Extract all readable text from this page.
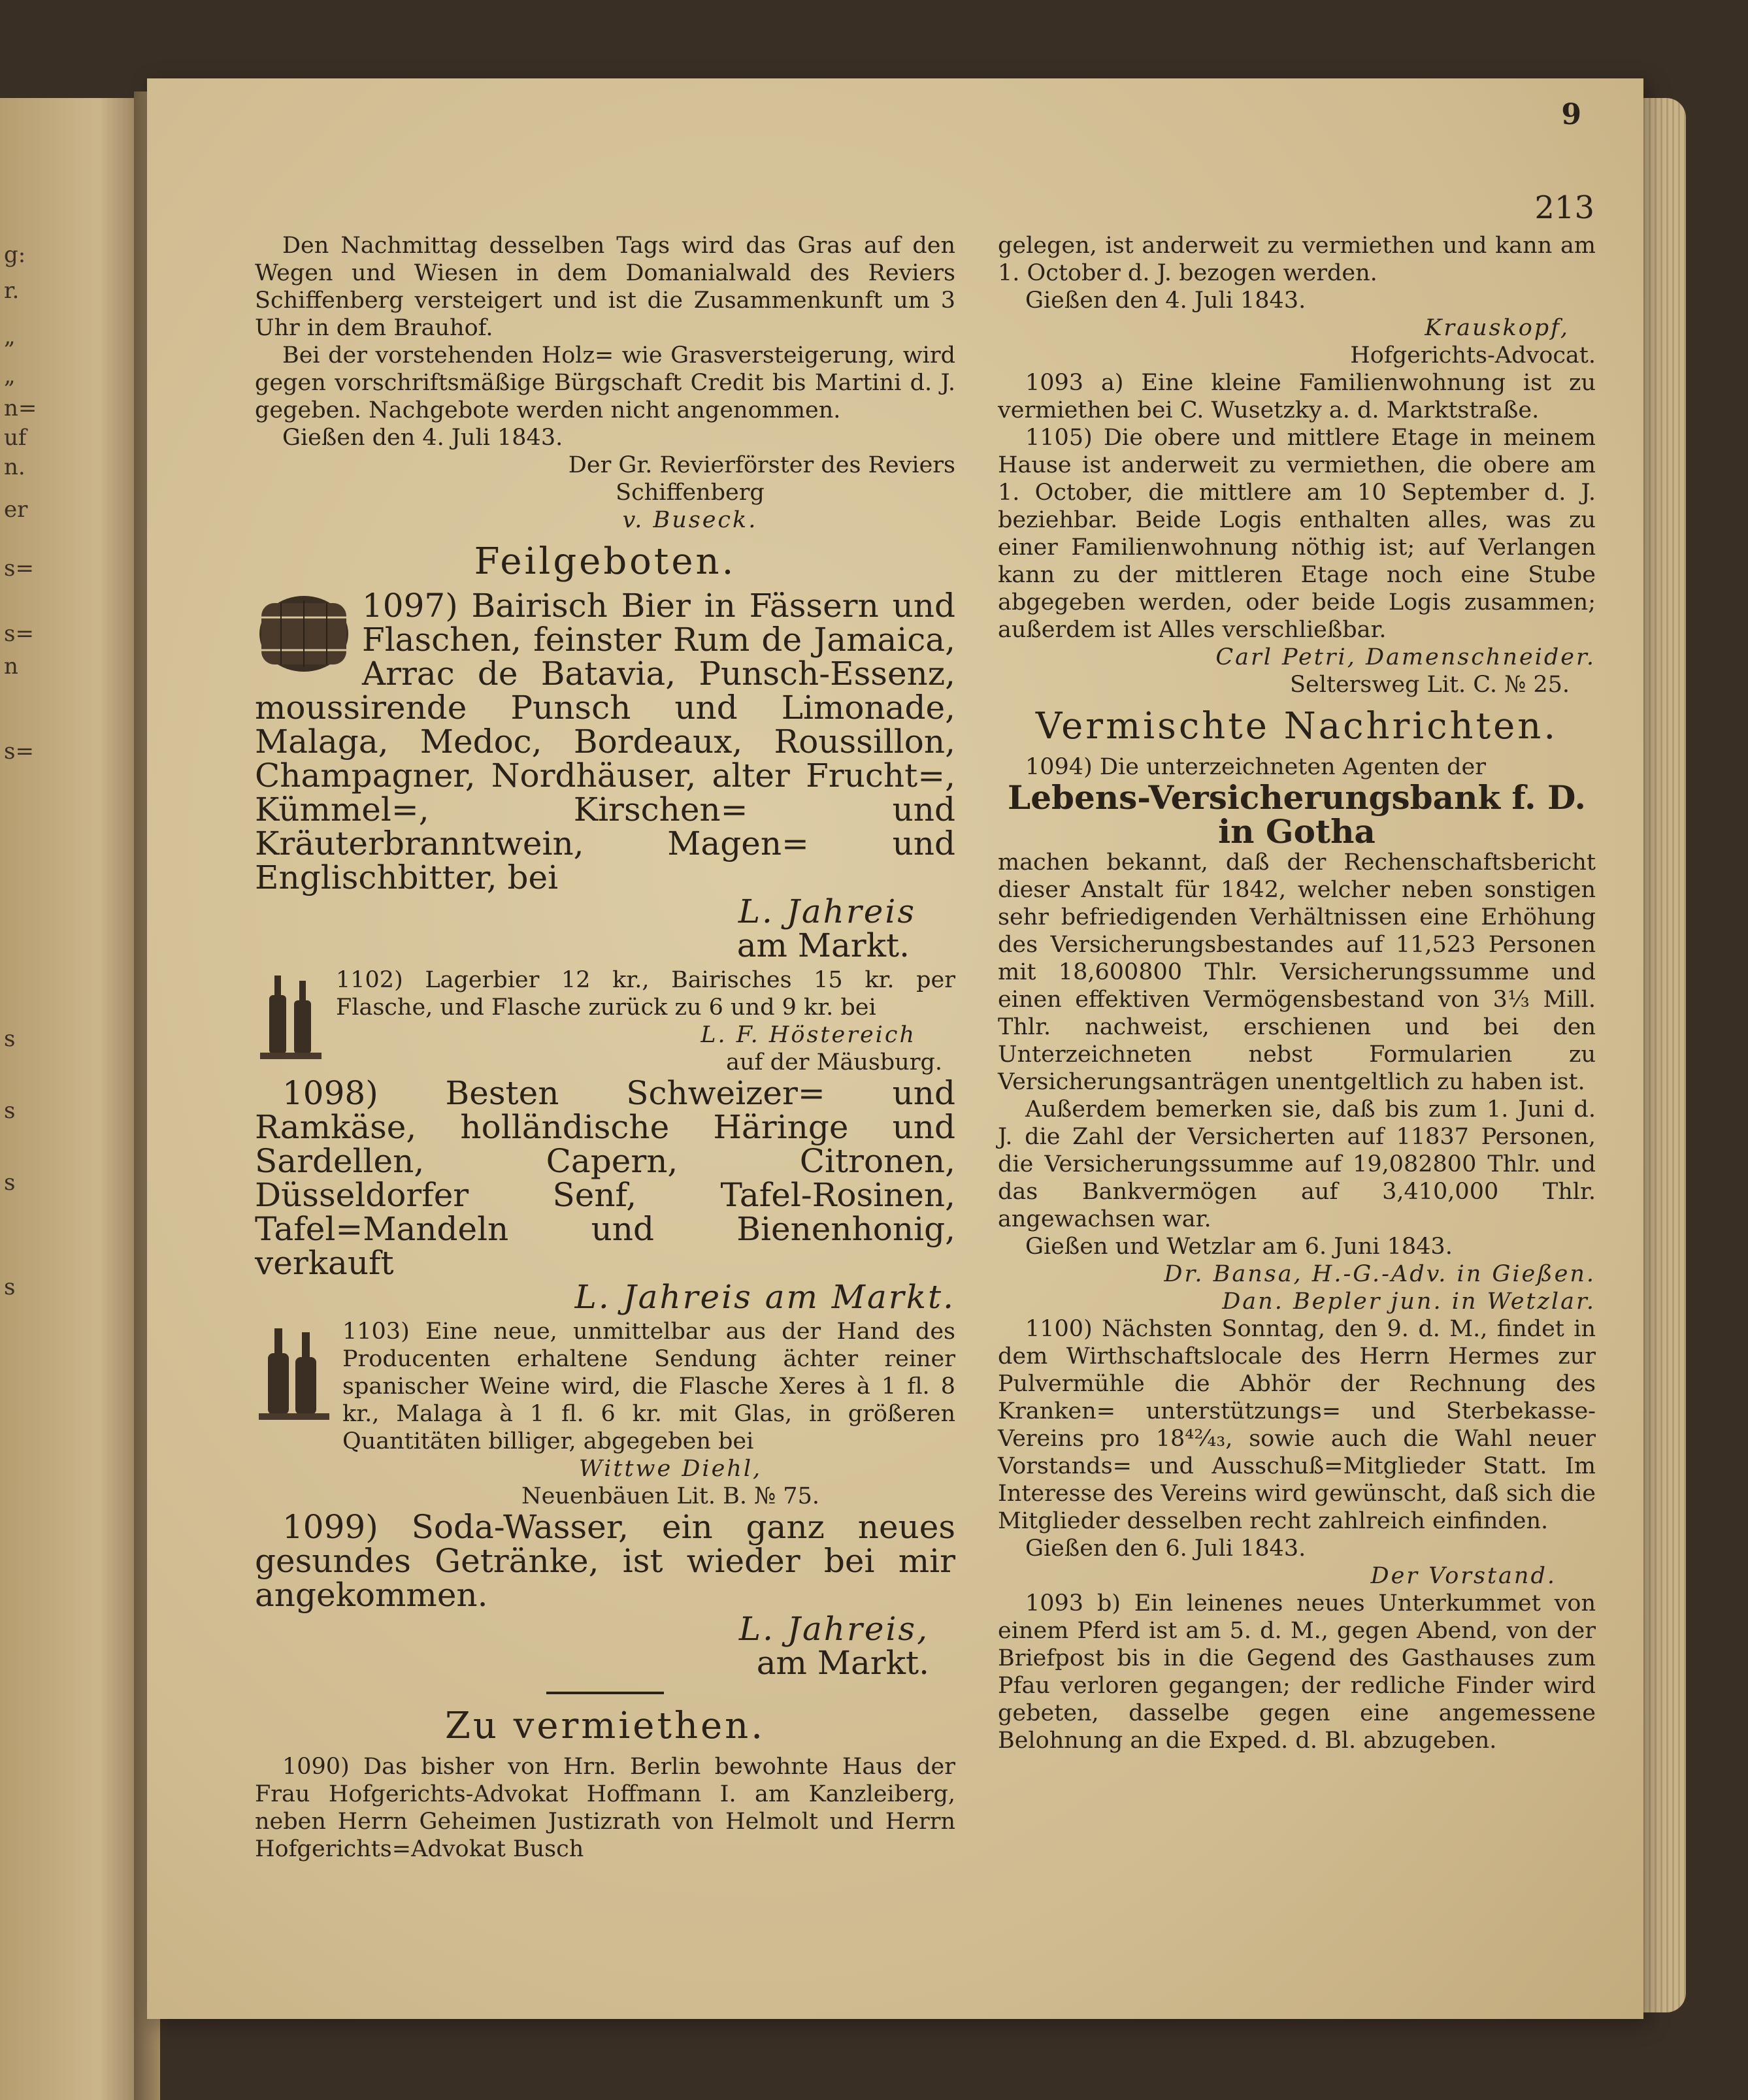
g:
r.
„
„
n=
uf
n.
er
s=
s=
n
s=
s
s
s
s
9
213

Den Nachmittag desselben Tags wird das Gras auf den Wegen und Wiesen in dem Domanialwald des Reviers Schiffenberg versteigert und ist die Zusammenkunft um 3 Uhr in dem Brauhof.

Bei der vorstehenden Holz= wie Grasversteigerung, wird gegen vorschriftsmäßige Bürgschaft Credit bis Martini d. J. gegeben. Nachgebote werden nicht angenommen.

Gießen den 4. Juli 1843.

Der Gr. Revierförster des Reviers

Schiffenberg

v. Buseck.

Feilgeboten.

1097) Bairisch Bier in Fässern und Flaschen, feinster Rum de Jamaica, Arrac de Batavia, Punsch-Essenz, moussirende Punsch und Limonade, Malaga, Medoc, Bordeaux, Roussillon, Champagner, Nordhäuser, alter Frucht=, Kümmel=, Kirschen= und Kräuterbranntwein, Magen= und Englischbitter, bei

L. Jahreis

am Markt.

1102) Lagerbier 12 kr., Bairisches 15 kr. per Flasche, und Flasche zurück zu 6 und 9 kr. bei

L. F. Höstereich

auf der Mäusburg.

1098) Besten Schweizer= und Ramkäse, holländische Häringe und Sardellen, Capern, Citronen, Düsseldorfer Senf, Tafel-Rosinen, Tafel=Mandeln und Bienenhonig, verkauft

L. Jahreis am Markt.

1103) Eine neue, unmittelbar aus der Hand des Producenten erhaltene Sendung ächter reiner spanischer Weine wird, die Flasche Xeres à 1 fl. 8 kr., Malaga à 1 fl. 6 kr. mit Glas, in größeren Quantitäten billiger, abgegeben bei

Wittwe Diehl,

Neuenbäuen Lit. B. № 75.

1099) Soda-Wasser, ein ganz neues gesundes Getränke, ist wieder bei mir angekommen.

L. Jahreis,

am Markt.

Zu vermiethen.

1090) Das bisher von Hrn. Berlin bewohnte Haus der Frau Hofgerichts-Advokat Hoffmann I. am Kanzleiberg, neben Herrn Geheimen Justizrath von Helmolt und Herrn Hofgerichts=Advokat Busch

gelegen, ist anderweit zu vermiethen und kann am 1. October d. J. bezogen werden.

Gießen den 4. Juli 1843.

Krauskopf,

Hofgerichts-Advocat.

1093 a) Eine kleine Familienwohnung ist zu vermiethen bei C. Wusetzky a. d. Marktstraße.

1105) Die obere und mittlere Etage in meinem Hause ist anderweit zu vermiethen, die obere am 1. October, die mittlere am 10 September d. J. beziehbar. Beide Logis enthalten alles, was zu einer Familienwohnung nöthig ist; auf Verlangen kann zu der mittleren Etage noch eine Stube abgegeben werden, oder beide Logis zusammen; außerdem ist Alles verschließbar.

Carl Petri, Damenschneider.

Seltersweg Lit. C. № 25.

Vermischte Nachrichten.

1094) Die unterzeichneten Agenten der

Lebens-Versicherungsbank f. D.

in Gotha

machen bekannt, daß der Rechenschaftsbericht dieser Anstalt für 1842, welcher neben sonstigen sehr befriedigenden Verhältnissen eine Erhöhung des Versicherungsbestandes auf 11,523 Personen mit 18,600800 Thlr. Versicherungssumme und einen effektiven Vermögensbestand von 3⅓ Mill. Thlr. nachweist, erschienen und bei den Unterzeichneten nebst Formularien zu Versicherungsanträgen unentgeltlich zu haben ist.

Außerdem bemerken sie, daß bis zum 1. Juni d. J. die Zahl der Versicherten auf 11837 Personen, die Versicherungssumme auf 19,082800 Thlr. und das Bankvermögen auf 3,410,000 Thlr. angewachsen war.

Gießen und Wetzlar am 6. Juni 1843.

Dr. Bansa, H.-G.-Adv. in Gießen.

Dan. Bepler jun. in Wetzlar.

1100) Nächsten Sonntag, den 9. d. M., findet in dem Wirthschaftslocale des Herrn Hermes zur Pulvermühle die Abhör der Rechnung des Kranken= unterstützungs= und Sterbekasse-Vereins pro 18⁴²⁄₄₃, sowie auch die Wahl neuer Vorstands= und Ausschuß=Mitglieder Statt. Im Interesse des Vereins wird gewünscht, daß sich die Mitglieder desselben recht zahlreich einfinden.

Gießen den 6. Juli 1843.

Der Vorstand.

1093 b) Ein leinenes neues Unterkummet von einem Pferd ist am 5. d. M., gegen Abend, von der Briefpost bis in die Gegend des Gasthauses zum Pfau verloren gegangen; der redliche Finder wird gebeten, dasselbe gegen eine angemessene Belohnung an die Exped. d. Bl. abzugeben.
